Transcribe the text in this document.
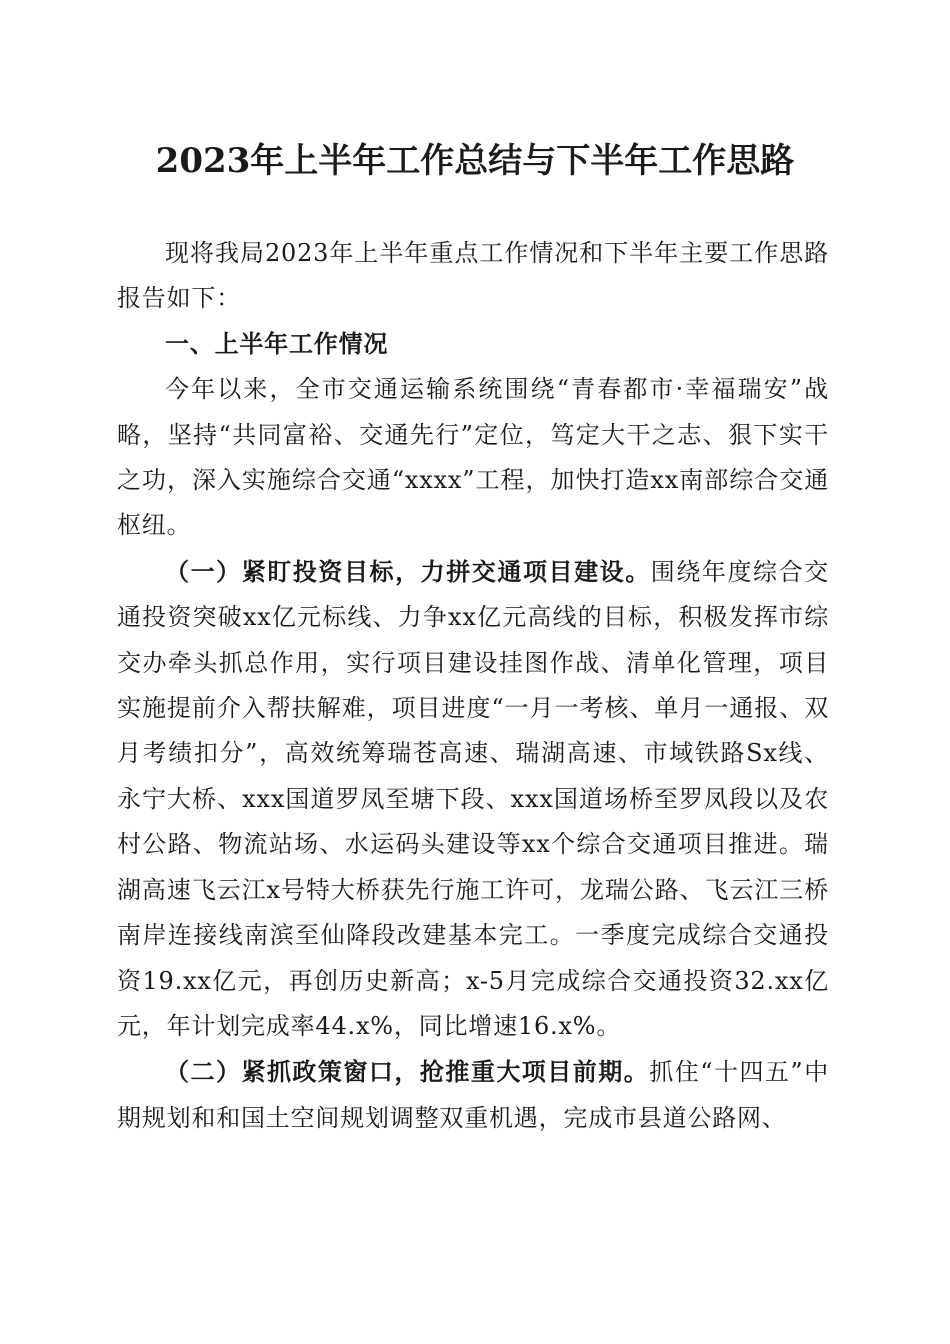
2023年上半年工作总结与下半年工作思路

现将我局2023年上半年重点工作情况和下半年主要工作思路报告如下：

一、上半年工作情况

今年以来，全市交通运输系统围绕“青春都市·幸福瑞安”战略，坚持“共同富裕、交通先行”定位，笃定大干之志、狠下实干之功，深入实施综合交通“xxxx”工程，加快打造xx南部综合交通枢纽。

（一）紧盯投资目标，力拼交通项目建设。围绕年度综合交通投资突破xx亿元标线、力争xx亿元高线的目标，积极发挥市综交办牵头抓总作用，实行项目建设挂图作战、清单化管理，项目实施提前介入帮扶解难，项目进度“一月一考核、单月一通报、双月考绩扣分”，高效统筹瑞苍高速、瑞湖高速、市域铁路Sx线、永宁大桥、xxx国道罗凤至塘下段、xxx国道场桥至罗凤段以及农村公路、物流站场、水运码头建设等xx个综合交通项目推进。瑞湖高速飞云江x号特大桥获先行施工许可，龙瑞公路、飞云江三桥南岸连接线南滨至仙降段改建基本完工。一季度完成综合交通投资19.xx亿元，再创历史新高；x-5月完成综合交通投资32.xx亿元，年计划完成率44.x%，同比增速16.x%。

（二）紧抓政策窗口，抢推重大项目前期。抓住“十四五”中期规划和和国土空间规划调整双重机遇，完成市县道公路网、
